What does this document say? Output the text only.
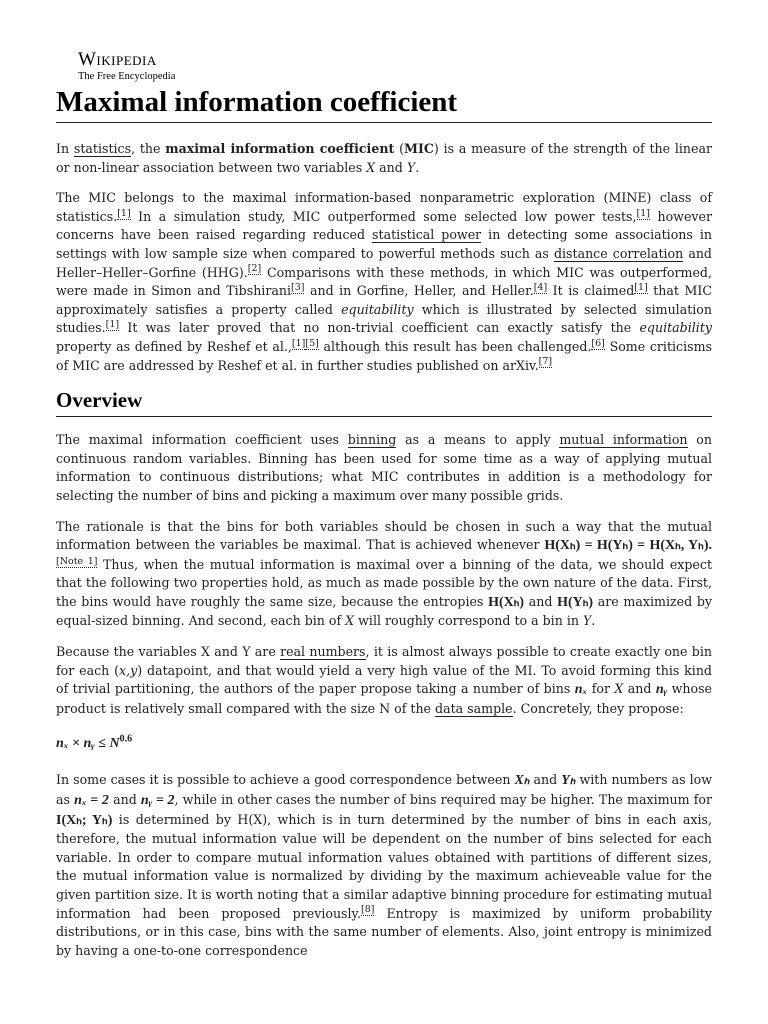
Wikipedia
The Free Encyclopedia
Maximal information coefficient

In statistics, the maximal information coefficient (MIC) is a measure of the strength of the linear or non-linear association between two variables X and Y.

The MIC belongs to the maximal information-based nonparametric exploration (MINE) class of statistics.[1] In a simulation study, MIC outperformed some selected low power tests,[1] however concerns have been raised regarding reduced statistical power in detecting some associations in settings with low sample size when compared to powerful methods such as distance correlation and Heller–Heller–Gorfine (HHG).[2] Comparisons with these methods, in which MIC was outperformed, were made in Simon and Tibshirani[3] and in Gorfine, Heller, and Heller.[4] It is claimed[1] that MIC approximately satisfies a property called equitability which is illustrated by selected simulation studies.[1] It was later proved that no non-trivial coefficient can exactly satisfy the equitability property as defined by Reshef et al.,[1][5] although this result has been challenged.[6] Some criticisms of MIC are addressed by Reshef et al. in further studies published on arXiv.[7]

Overview

The maximal information coefficient uses binning as a means to apply mutual information on continuous random variables. Binning has been used for some time as a way of applying mutual information to continuous distributions; what MIC contributes in addition is a methodology for selecting the number of bins and picking a maximum over many possible grids.

The rationale is that the bins for both variables should be chosen in such a way that the mutual information between the variables be maximal. That is achieved whenever H(Xₕ) = H(Yₕ) = H(Xₕ, Yₕ).[Note 1] Thus, when the mutual information is maximal over a binning of the data, we should expect that the following two properties hold, as much as made possible by the own nature of the data. First, the bins would have roughly the same size, because the entropies H(Xₕ) and H(Yₕ) are maximized by equal-sized binning. And second, each bin of X will roughly correspond to a bin in Y.

Because the variables X and Y are real numbers, it is almost always possible to create exactly one bin for each (x,y) datapoint, and that would yield a very high value of the MI. To avoid forming this kind of trivial partitioning, the authors of the paper propose taking a number of bins nₓ for X and nᵧ whose product is relatively small compared with the size N of the data sample. Concretely, they propose:

nₓ × nᵧ ≤ $N^{0.6}$

In some cases it is possible to achieve a good correspondence between Xₕ and Yₕ with numbers as low as nₓ = 2 and nᵧ = 2, while in other cases the number of bins required may be higher. The maximum for I(Xₕ; Yₕ) is determined by H(X), which is in turn determined by the number of bins in each axis, therefore, the mutual information value will be dependent on the number of bins selected for each variable. In order to compare mutual information values obtained with partitions of different sizes, the mutual information value is normalized by dividing by the maximum achieveable value for the given partition size. It is worth noting that a similar adaptive binning procedure for estimating mutual information had been proposed previously.[8] Entropy is maximized by uniform probability distributions, or in this case, bins with the same number of elements. Also, joint entropy is minimized by having a one-to-one correspondence
